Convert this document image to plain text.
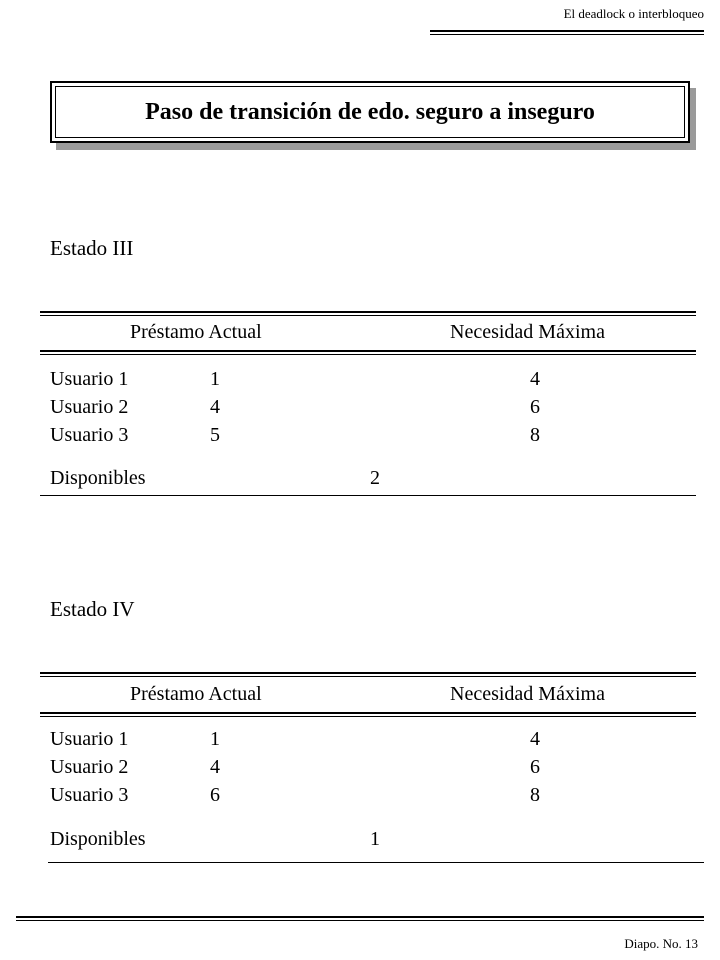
El deadlock o interbloqueo
Paso de transición de edo. seguro a inseguro
Estado III
Préstamo Actual	Necesidad Máxima
Usuario 1	1	4
Usuario 2	4	6
Usuario 3	5	8
Disponibles	2
Estado IV
Préstamo Actual	Necesidad Máxima
Usuario 1	1	4
Usuario 2	4	6
Usuario 3	6	8
Disponibles	1
Diapo. No. 13
